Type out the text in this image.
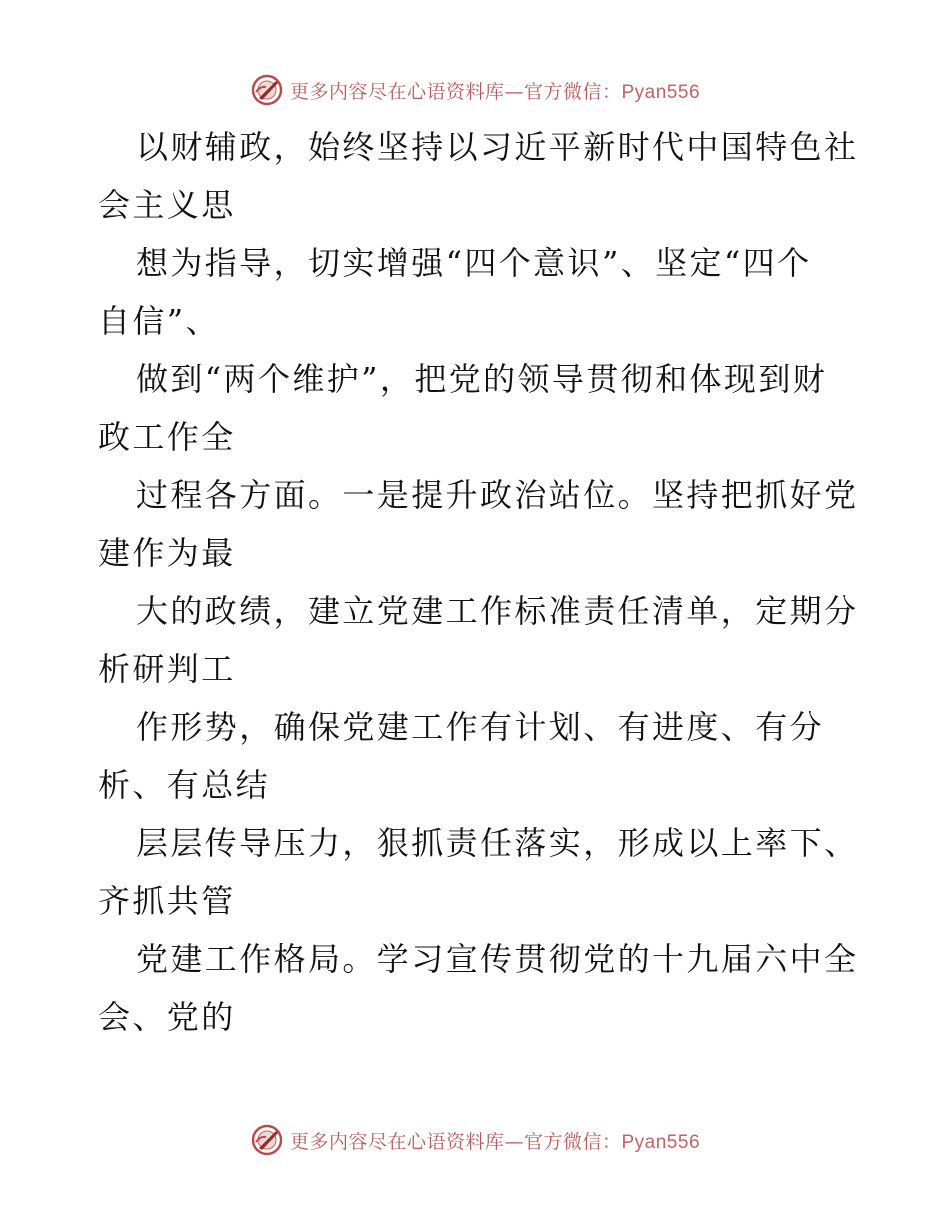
更多内容尽在心语资料库—官方微信：Pyan556

以财辅政，始终坚持以习近平新时代中国特色社
会主义思

想为指导，切实增强“四个意识”、坚定“四个
自信”、

做到“两个维护”，把党的领导贯彻和体现到财
政工作全

过程各方面。一是提升政治站位。坚持把抓好党
建作为最

大的政绩，建立党建工作标准责任清单，定期分
析研判工

作形势，确保党建工作有计划、有进度、有分
析、有总结

层层传导压力，狠抓责任落实，形成以上率下、
齐抓共管

党建工作格局。学习宣传贯彻党的十九届六中全
会、党的

更多内容尽在心语资料库—官方微信：Pyan556
